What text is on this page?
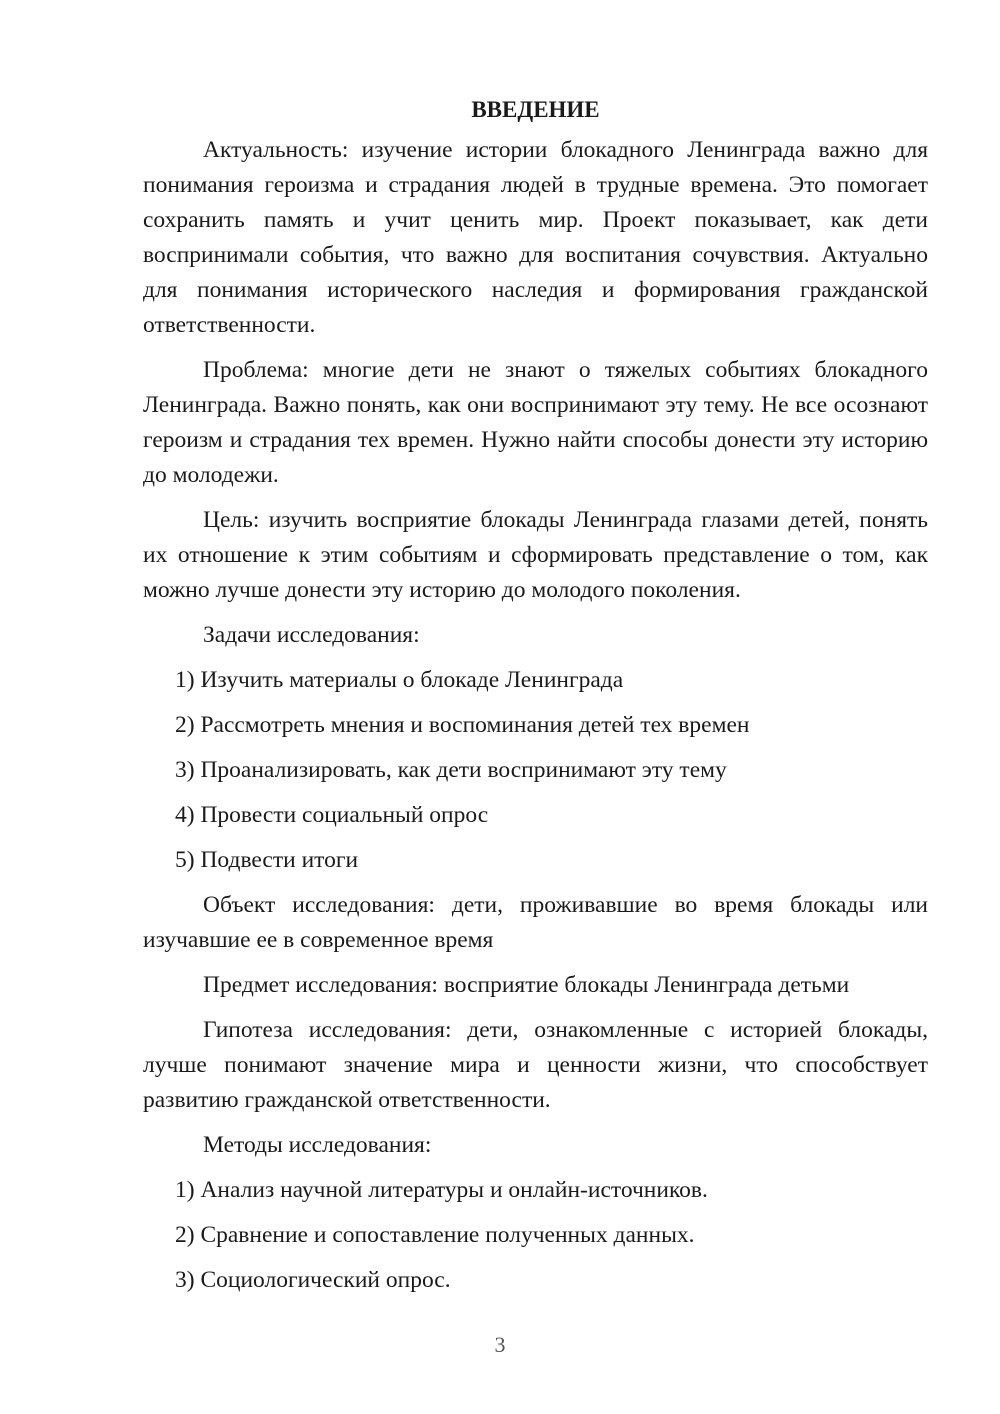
ВВЕДЕНИЕ

Актуальность: изучение истории блокадного Ленинграда важно для понимания героизма и страдания людей в трудные времена. Это помогает сохранить память и учит ценить мир. Проект показывает, как дети воспринимали события, что важно для воспитания сочувствия. Актуально для понимания исторического наследия и формирования гражданской ответственности.

Проблема: многие дети не знают о тяжелых событиях блокадного Ленинграда. Важно понять, как они воспринимают эту тему. Не все осознают героизм и страдания тех времен. Нужно найти способы донести эту историю до молодежи.

Цель: изучить восприятие блокады Ленинграда глазами детей, понять их отношение к этим событиям и сформировать представление о том, как можно лучше донести эту историю до молодого поколения.

Задачи исследования:

1) Изучить материалы о блокаде Ленинграда
2) Рассмотреть мнения и воспоминания детей тех времен
3) Проанализировать, как дети воспринимают эту тему
4) Провести социальный опрос
5) Подвести итоги

Объект исследования: дети, проживавшие во время блокады или изучавшие ее в современное время

Предмет исследования: восприятие блокады Ленинграда детьми

Гипотеза исследования: дети, ознакомленные с историей блокады, лучше понимают значение мира и ценности жизни, что способствует развитию гражданской ответственности.

Методы исследования:

1) Анализ научной литературы и онлайн-источников.
2) Сравнение и сопоставление полученных данных.
3) Социологический опрос.
3
